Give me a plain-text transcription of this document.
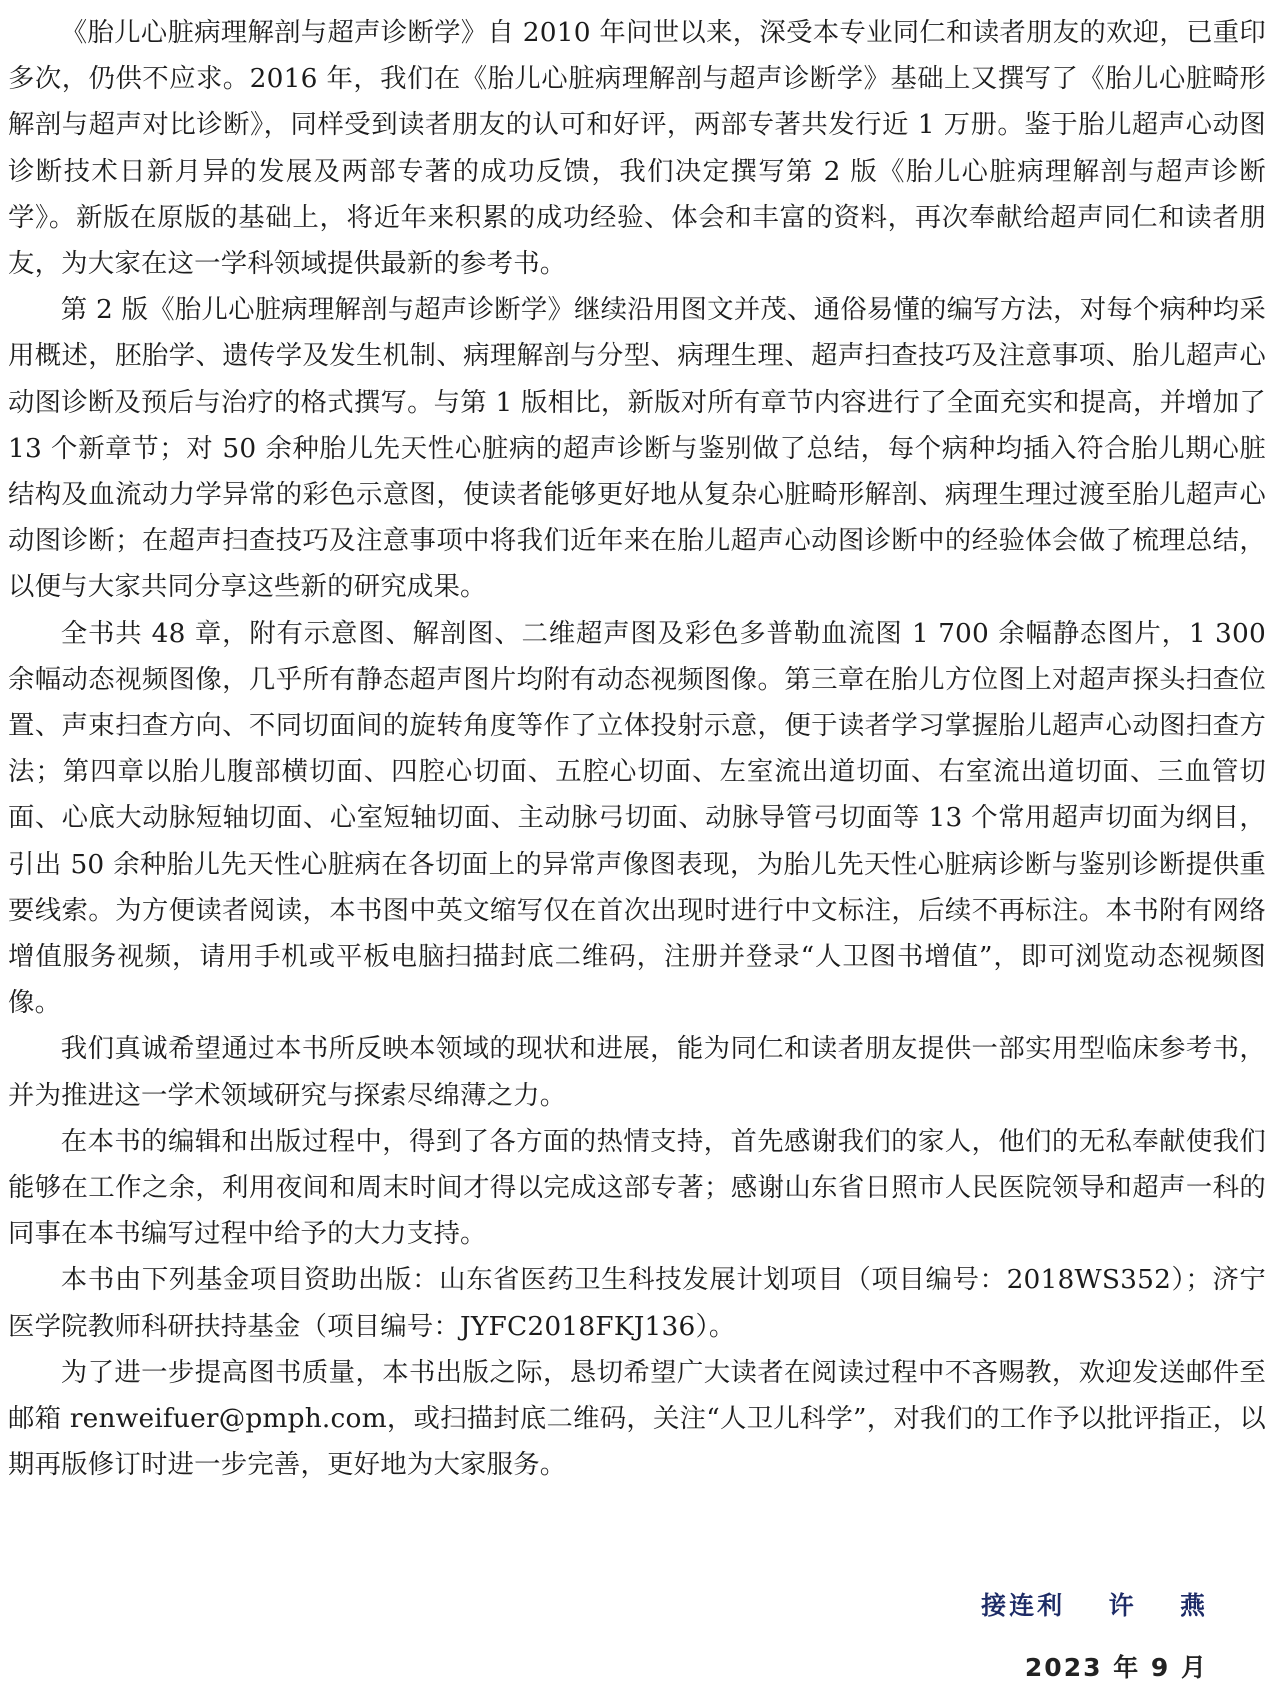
《胎儿心脏病理解剖与超声诊断学》自 2010 年问世以来，深受本专业同仁和读者朋友的欢迎，已重印多次，仍供不应求。2016 年，我们在《胎儿心脏病理解剖与超声诊断学》基础上又撰写了《胎儿心脏畸形解剖与超声对比诊断》，同样受到读者朋友的认可和好评，两部专著共发行近 1 万册。鉴于胎儿超声心动图诊断技术日新月异的发展及两部专著的成功反馈，我们决定撰写第 2 版《胎儿心脏病理解剖与超声诊断学》。新版在原版的基础上，将近年来积累的成功经验、体会和丰富的资料，再次奉献给超声同仁和读者朋友，为大家在这一学科领域提供最新的参考书。

第 2 版《胎儿心脏病理解剖与超声诊断学》继续沿用图文并茂、通俗易懂的编写方法，对每个病种均采用概述，胚胎学、遗传学及发生机制、病理解剖与分型、病理生理、超声扫查技巧及注意事项、胎儿超声心动图诊断及预后与治疗的格式撰写。与第 1 版相比，新版对所有章节内容进行了全面充实和提高，并增加了 13 个新章节；对 50 余种胎儿先天性心脏病的超声诊断与鉴别做了总结，每个病种均插入符合胎儿期心脏结构及血流动力学异常的彩色示意图，使读者能够更好地从复杂心脏畸形解剖、病理生理过渡至胎儿超声心动图诊断；在超声扫查技巧及注意事项中将我们近年来在胎儿超声心动图诊断中的经验体会做了梳理总结，以便与大家共同分享这些新的研究成果。

全书共 48 章，附有示意图、解剖图、二维超声图及彩色多普勒血流图 1 700 余幅静态图片，1 300 余幅动态视频图像，几乎所有静态超声图片均附有动态视频图像。第三章在胎儿方位图上对超声探头扫查位置、声束扫查方向、不同切面间的旋转角度等作了立体投射示意，便于读者学习掌握胎儿超声心动图扫查方法；第四章以胎儿腹部横切面、四腔心切面、五腔心切面、左室流出道切面、右室流出道切面、三血管切面、心底大动脉短轴切面、心室短轴切面、主动脉弓切面、动脉导管弓切面等 13 个常用超声切面为纲目，引出 50 余种胎儿先天性心脏病在各切面上的异常声像图表现，为胎儿先天性心脏病诊断与鉴别诊断提供重要线索。为方便读者阅读，本书图中英文缩写仅在首次出现时进行中文标注，后续不再标注。本书附有网络增值服务视频，请用手机或平板电脑扫描封底二维码，注册并登录“人卫图书增值”，即可浏览动态视频图像。

我们真诚希望通过本书所反映本领域的现状和进展，能为同仁和读者朋友提供一部实用型临床参考书，并为推进这一学术领域研究与探索尽绵薄之力。

在本书的编辑和出版过程中，得到了各方面的热情支持，首先感谢我们的家人，他们的无私奉献使我们能够在工作之余，利用夜间和周末时间才得以完成这部专著；感谢山东省日照市人民医院领导和超声一科的同事在本书编写过程中给予的大力支持。

本书由下列基金项目资助出版：山东省医药卫生科技发展计划项目（项目编号：2018WS352）；济宁医学院教师科研扶持基金（项目编号：JYFC2018FKJ136）。

为了进一步提高图书质量，本书出版之际，恳切希望广大读者在阅读过程中不吝赐教，欢迎发送邮件至邮箱 renweifuer@pmph.com，或扫描封底二维码，关注“人卫儿科学”，对我们的工作予以批评指正，以期再版修订时进一步完善，更好地为大家服务。

接连利  许  燕
2023 年 9 月
